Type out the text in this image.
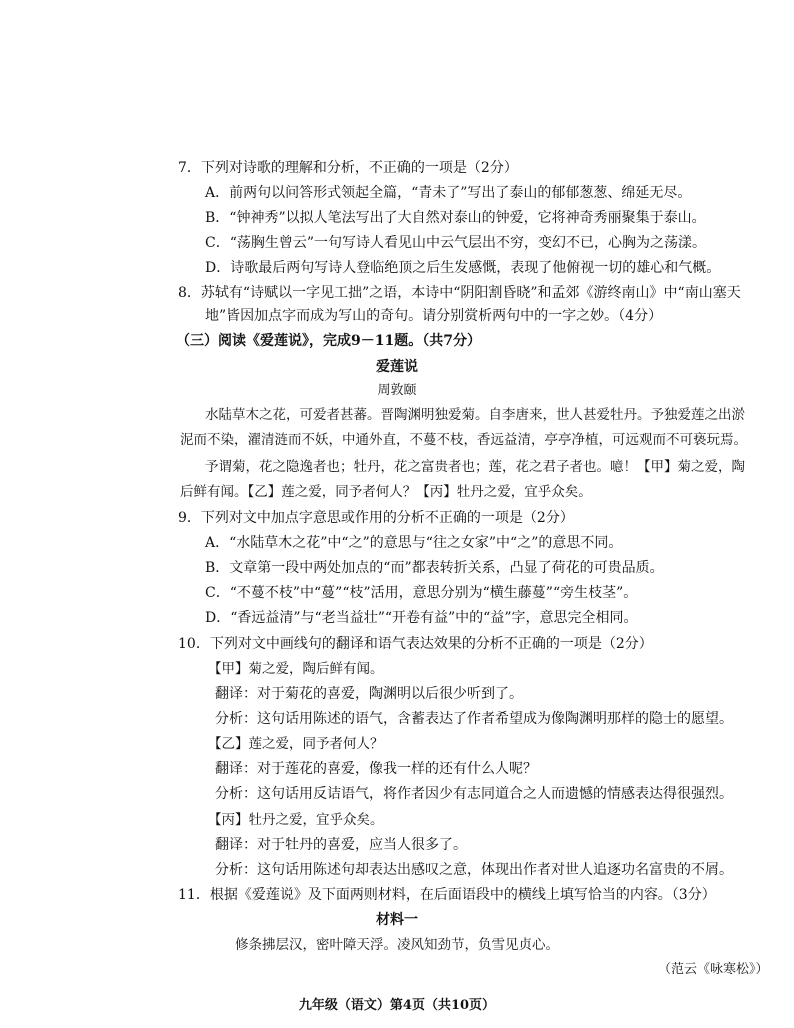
7．下列对诗歌的理解和分析，不正确的一项是（2分）
A．前两句以问答形式领起全篇，“青未了”写出了泰山的郁郁葱葱、绵延无尽。
B．“钟神秀”以拟人笔法写出了大自然对泰山的钟爱，它将神奇秀丽聚集于泰山。
C．“荡胸生曾云”一句写诗人看见山中云气层出不穷，变幻不已，心胸为之荡漾。
D．诗歌最后两句写诗人登临绝顶之后生发感慨，表现了他俯视一切的雄心和气概。
8．苏轼有“诗赋以一字见工拙”之语，本诗中“阴阳割昏晓”和孟郊《游终南山》中“南山塞天
地”皆因加点字而成为写山的奇句。请分别赏析两句中的一字之妙。（4分）
（三）阅读《爱莲说》，完成9－11题。（共7分）
爱莲说
周敦颐
水陆草木之花，可爱者甚蕃。晋陶渊明独爱菊。自李唐来，世人甚爱牡丹。予独爱莲之出淤
泥而不染，濯清涟而不妖，中通外直，不蔓不枝，香远益清，亭亭净植，可远观而不可亵玩焉。
予谓菊，花之隐逸者也；牡丹，花之富贵者也；莲，花之君子者也。噫！【甲】菊之爱，陶
后鲜有闻。【乙】莲之爱，同予者何人？【丙】牡丹之爱，宜乎众矣。
9．下列对文中加点字意思或作用的分析不正确的一项是（2分）
A．“水陆草木之花”中“之”的意思与“往之女家”中“之”的意思不同。
B．文章第一段中两处加点的“而”都表转折关系，凸显了荷花的可贵品质。
C．“不蔓不枝”中“蔓”“枝”活用，意思分别为“横生藤蔓”“旁生枝茎”。
D．“香远益清”与“老当益壮”“开卷有益”中的“益”字，意思完全相同。
10．下列对文中画线句的翻译和语气表达效果的分析不正确的一项是（2分）
【甲】菊之爱，陶后鲜有闻。
翻译：对于菊花的喜爱，陶渊明以后很少听到了。
分析：这句话用陈述的语气，含蓄表达了作者希望成为像陶渊明那样的隐士的愿望。
【乙】莲之爱，同予者何人？
翻译：对于莲花的喜爱，像我一样的还有什么人呢？
分析：这句话用反诘语气，将作者因少有志同道合之人而遗憾的情感表达得很强烈。
【丙】牡丹之爱，宜乎众矣。
翻译：对于牡丹的喜爱，应当人很多了。
分析：这句话用陈述句却表达出感叹之意，体现出作者对世人追逐功名富贵的不屑。
11．根据《爱莲说》及下面两则材料，在后面语段中的横线上填写恰当的内容。（3分）
材料一
修条拂层汉，密叶障天浮。凌风知劲节，负雪见贞心。
（范云《咏寒松》）
九年级（语文）第4页（共10页）
